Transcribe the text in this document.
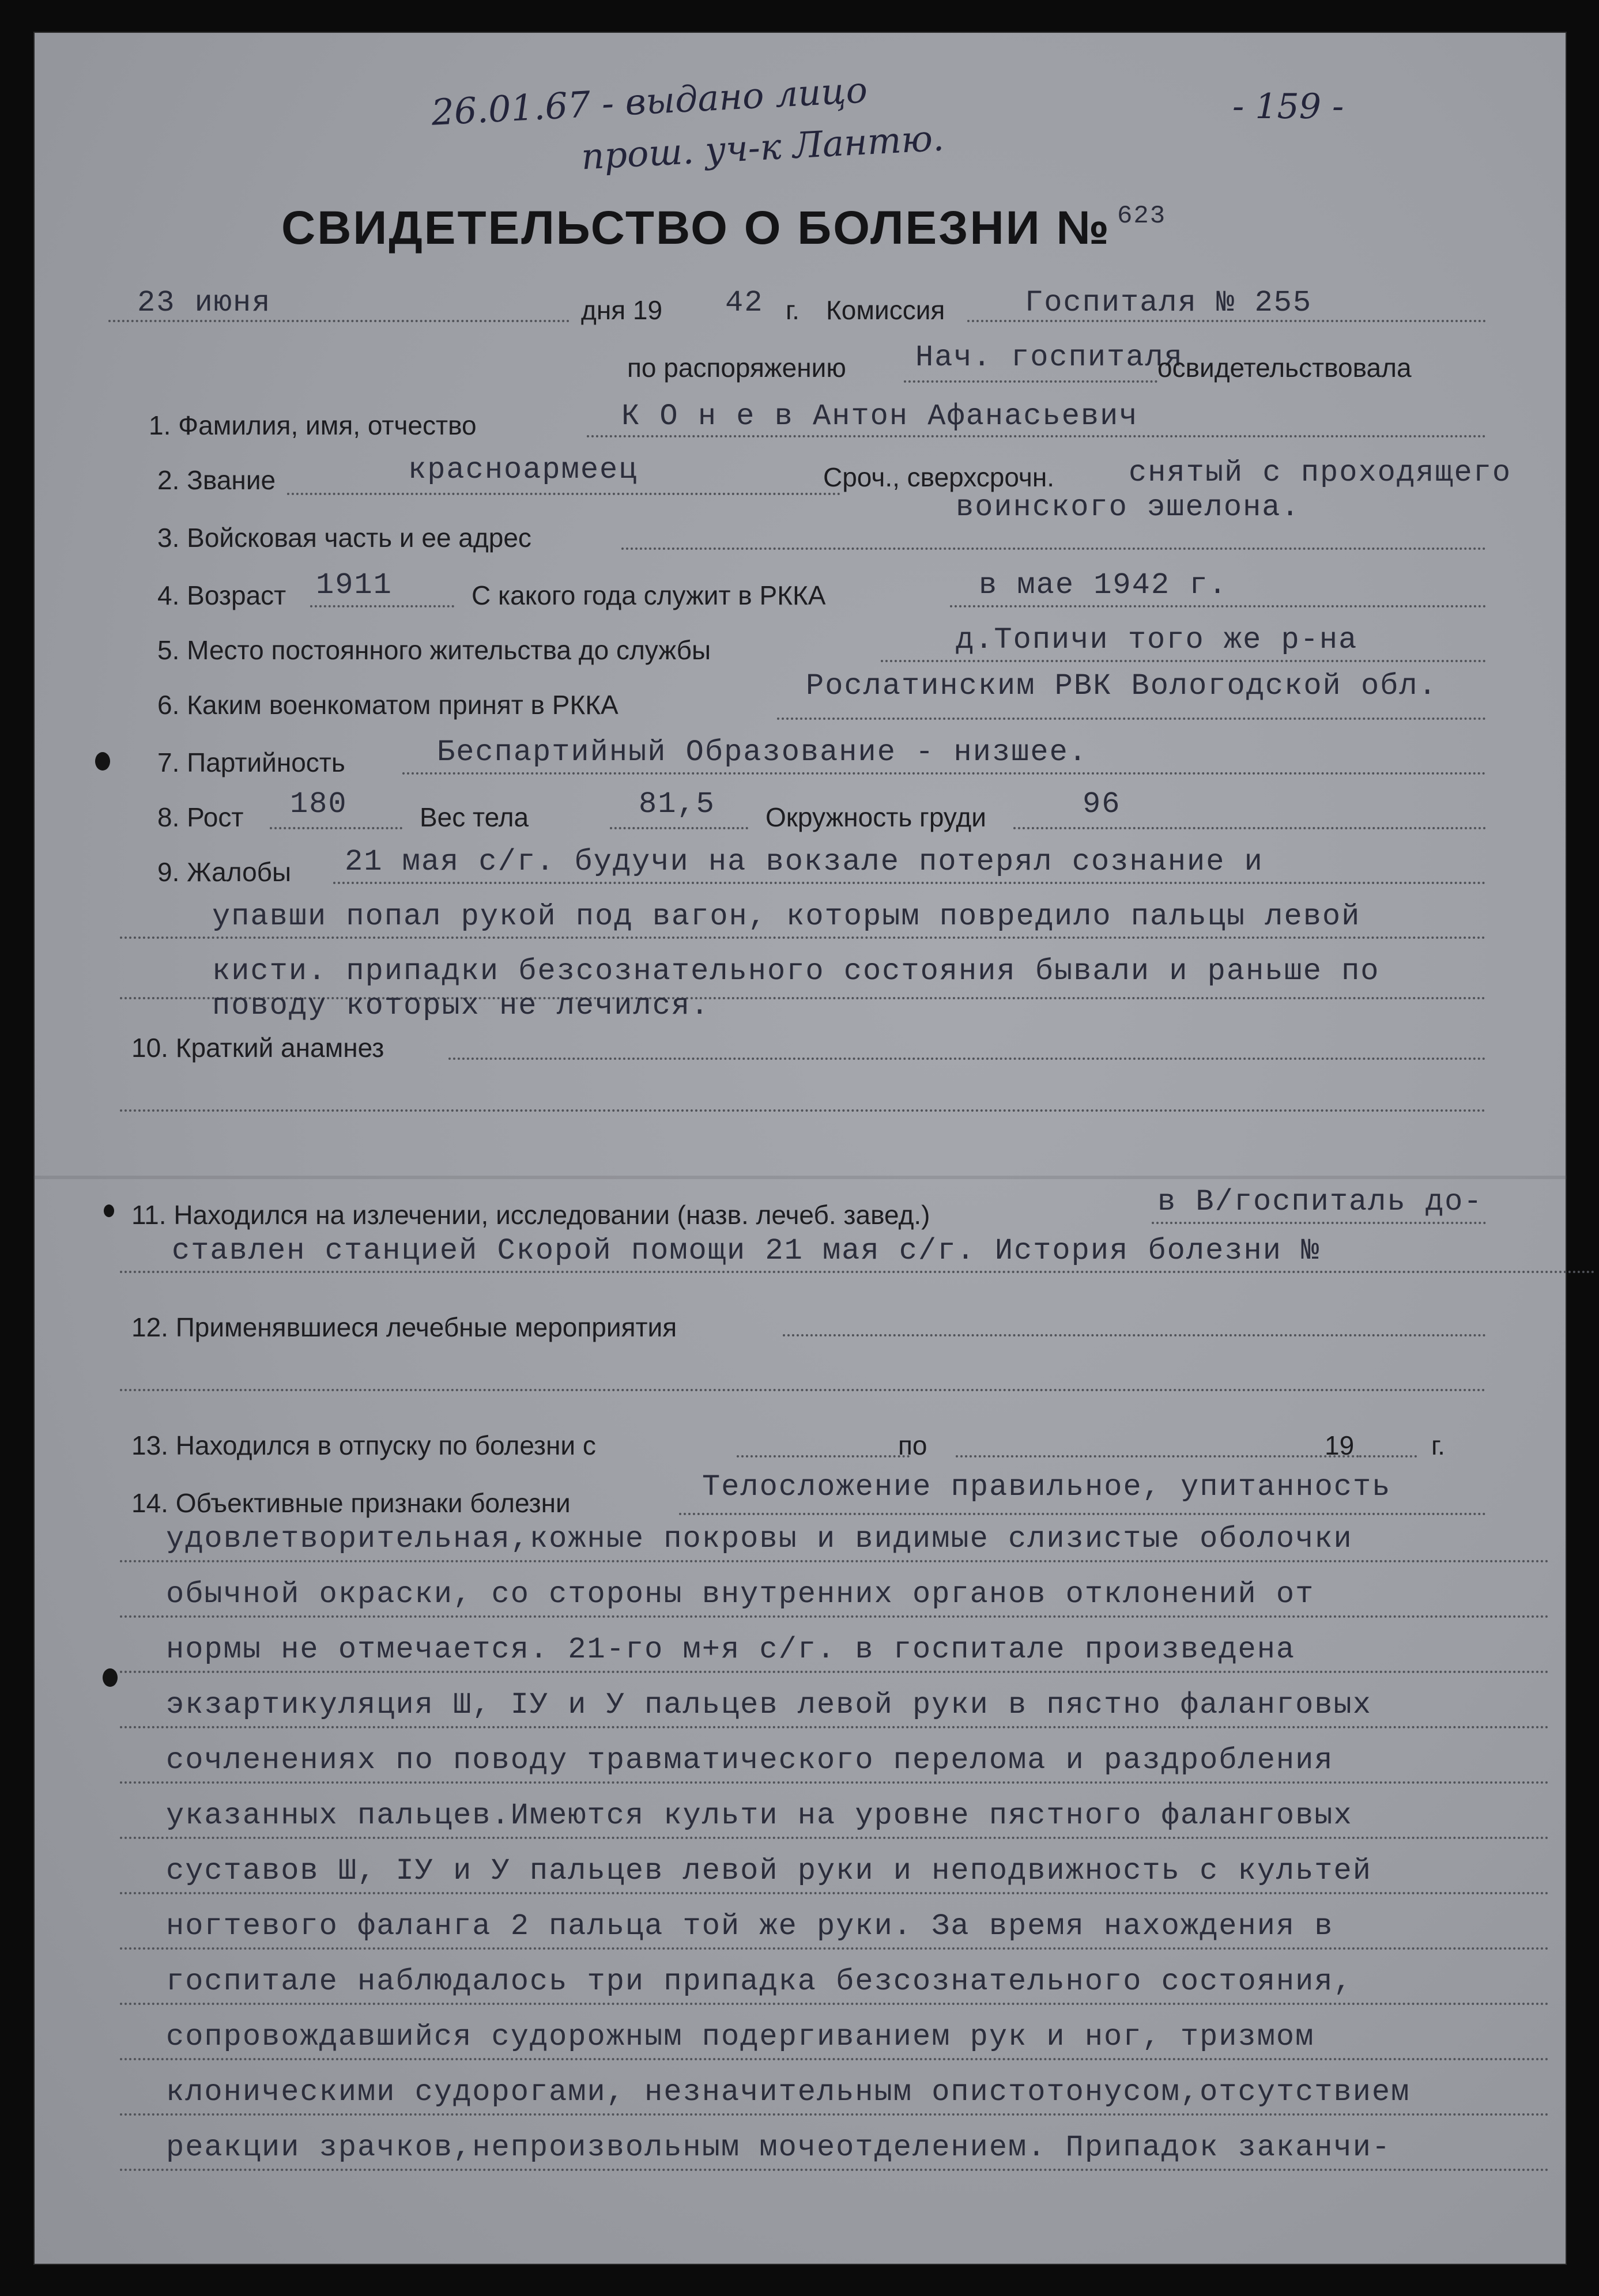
26.01.67 - выдано лицо
прош. уч-к Лантю.
- 159 -
СВИДЕТЕЛЬСТВО О БОЛЕЗНИ № 623
23 июня	дня 19 42 г. Комиссия	Госпиталя № 255
по распоряжению Нач. госпиталя
освидетельствовала
1. Фамилия, имя, отчество	К О н е в Антон Афанасьевич
2. Звание	красноармеец	Сроч., сверхсрочн. снятый с проходящего
воинского эшелона.
3. Войсковая часть и ее адрес
4. Возраст 1911	С какого года служит в РККА	в мае 1942 г.
5. Место постоянного жительства до службы	д.Топичи того же р-на
6. Каким военкоматом принят в РККА
Рослатинским РВК Вологодской обл.
7. Партийность	Беспартийный Образование - низшее.
8. Рост 180	Вес тела	81,5 Окружность груди	96
9. Жалобы 21 мая с/г. будучи на вокзале потерял сознание и
упавши попал рукой под вагон, которым повредило пальцы левой
кисти. припадки безсознательного состояния бывали и раньше по
поводу которых не лечился.
10. Краткий анамнез
11. Находился на излечении, исследовании (назв. лечеб. завед.)	в В/госпиталь до-
ставлен станцией Скорой помощи 21 мая с/г. История болезни №
12. Применявшиеся лечебные мероприятия
13. Находился в отпуску по болезни с	по	19	г.
14. Объективные признаки болезни	Телосложение правильное, упитанность
удовлетворительная,кожные покровы и видимые слизистые оболочки
обычной окраски, со стороны внутренних органов отклонений от
нормы не отмечается. 21-го м+я с/г. в госпитале произведена
экзартикуляция Ш, IУ и У пальцев левой руки в пястно фаланговых
сочленениях по поводу травматического перелома и раздробления
указанных пальцев.Имеются культи на уровне пястного фаланговых
суставов Ш, IУ и У пальцев левой руки и неподвижность с культей
ногтевого фаланга 2 пальца той же руки. За время нахождения в
госпитале наблюдалось три припадка безсознательного состояния,
сопровождавшийся судорожным подергиванием рук и ног, тризмом
клоническими судорогами, незначительным опистотонусом,отсутствием
реакции зрачков,непроизвольным мочеотделением. Припадок заканчи-
